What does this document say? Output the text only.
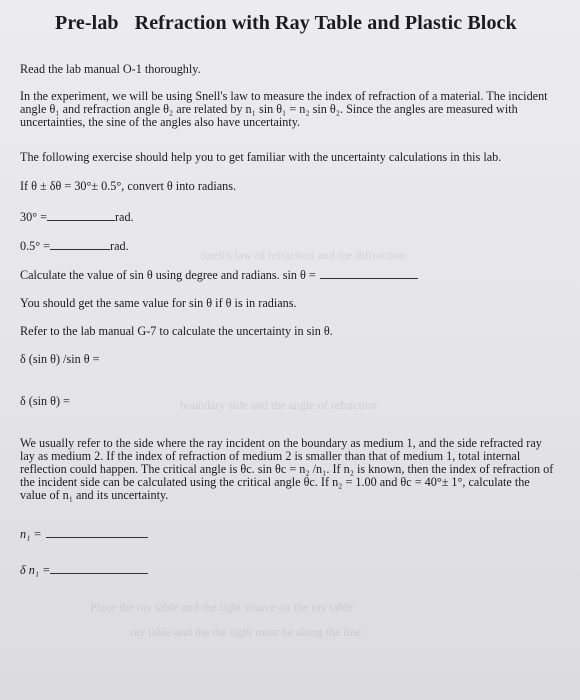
Snell's law of refraction and the diffraction
boundary side and the angle of refraction
Place the ray table and the light source on the ray table
ray table and the the light must be along the line
Pre-lab Refraction with Ray Table and Plastic Block
Read the lab manual O-1 thoroughly.
In the experiment, we will be using Snell's law to measure the index of refraction of a material. The incident
angle θ₁ and refraction angle θ₂ are related by n₁ sin θ₁ = n₂ sin θ₂. Since the angles are measured with
uncertainties, the sine of the angles also have uncertainty.
The following exercise should help you to get familiar with the uncertainty calculations in this lab.
If θ ± δθ = 30°± 0.5°, convert θ into radians.
30° =	rad.
0.5° =	rad.
Calculate the value of sin θ using degree and radians. sin θ =
You should get the same value for sin θ if θ is in radians.
Refer to the lab manual G-7 to calculate the uncertainty in sin θ.
δ (sin θ) /sin θ =
δ (sin θ) =
We usually refer to the side where the ray incident on the boundary as medium 1, and the side refracted ray
lay as medium 2. If the index of refraction of medium 2 is smaller than that of medium 1, total internal
reflection could happen. The critical angle is θc. sin θc = n₂ /n₁. If n₂ is known, then the index of refraction of
the incident side can be calculated using the critical angle θc. If n₂ = 1.00 and θc = 40°± 1°, calculate the
value of n₁ and its uncertainty.
n₁ =
δ n₁ =
